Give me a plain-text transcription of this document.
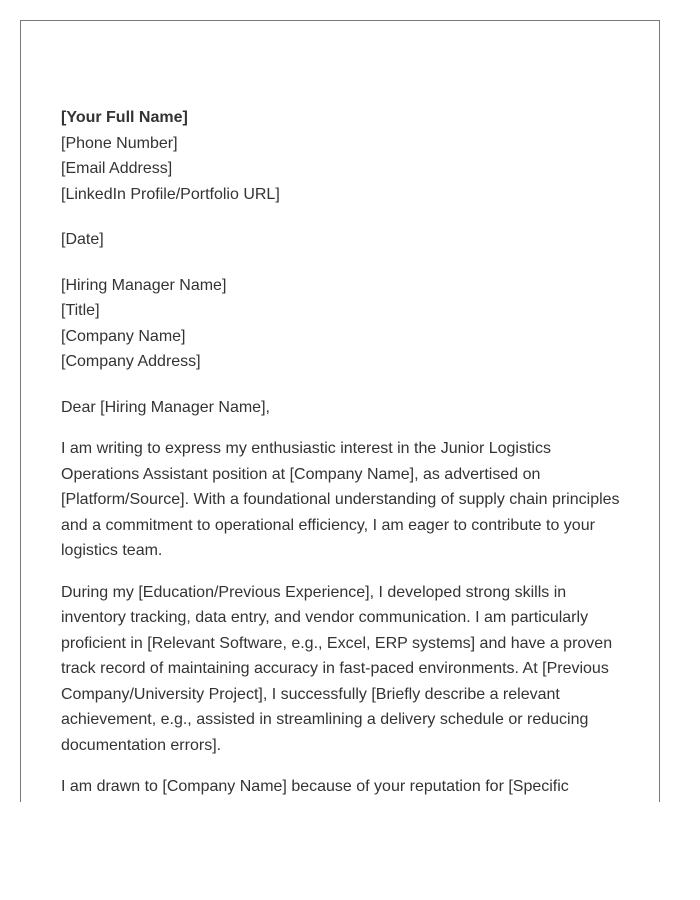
[Your Full Name]
[Phone Number]
[Email Address]
[LinkedIn Profile/Portfolio URL]
[Date]
[Hiring Manager Name]
[Title]
[Company Name]
[Company Address]
Dear [Hiring Manager Name],
I am writing to express my enthusiastic interest in the Junior Logistics
Operations Assistant position at [Company Name], as advertised on
[Platform/Source]. With a foundational understanding of supply chain principles
and a commitment to operational efficiency, I am eager to contribute to your
logistics team.
During my [Education/Previous Experience], I developed strong skills in
inventory tracking, data entry, and vendor communication. I am particularly
proficient in [Relevant Software, e.g., Excel, ERP systems] and have a proven
track record of maintaining accuracy in fast-paced environments. At [Previous
Company/University Project], I successfully [Briefly describe a relevant
achievement, e.g., assisted in streamlining a delivery schedule or reducing
documentation errors].
I am drawn to [Company Name] because of your reputation for [Specific
